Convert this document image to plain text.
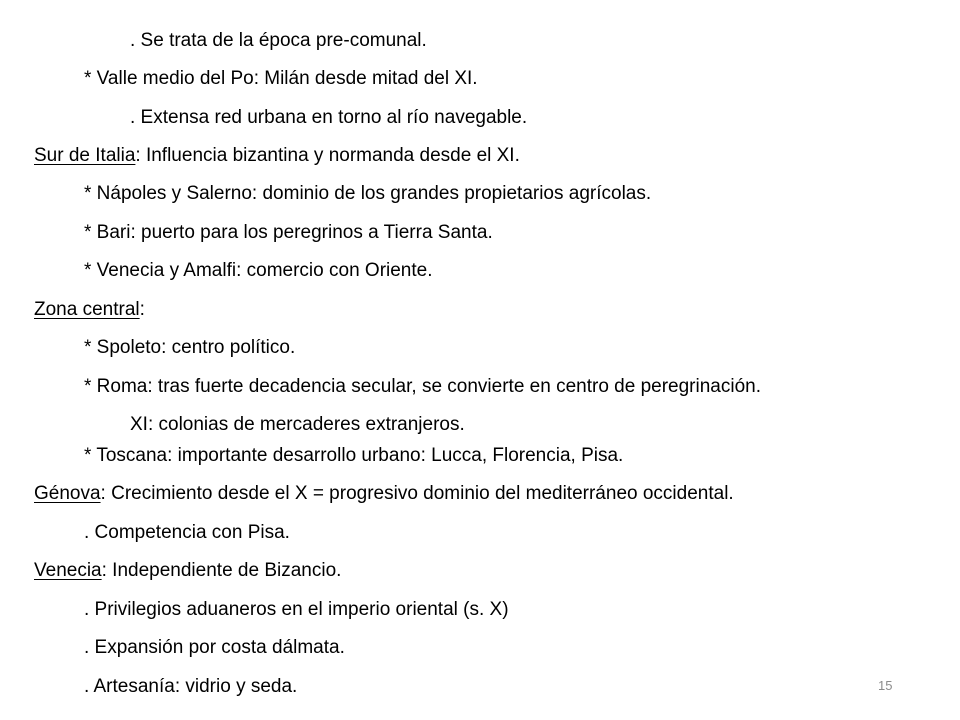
. Se trata de la época pre-comunal.
* Valle medio del Po: Milán desde mitad del XI.
. Extensa red urbana en torno al río navegable.
Sur de Italia: Influencia bizantina y normanda desde el XI.
* Nápoles y Salerno: dominio de los grandes propietarios agrícolas.
* Bari: puerto para los peregrinos a Tierra Santa.
* Venecia y Amalfi: comercio con Oriente.
Zona central:
* Spoleto: centro político.
* Roma: tras fuerte decadencia secular, se convierte en centro de peregrinación.
XI: colonias de mercaderes extranjeros.
* Toscana: importante desarrollo urbano: Lucca, Florencia, Pisa.
Génova: Crecimiento desde el X = progresivo dominio del mediterráneo occidental.
. Competencia con Pisa.
Venecia: Independiente de Bizancio.
. Privilegios aduaneros en el imperio oriental (s. X)
. Expansión por costa dálmata.
. Artesanía: vidrio y seda.	15
